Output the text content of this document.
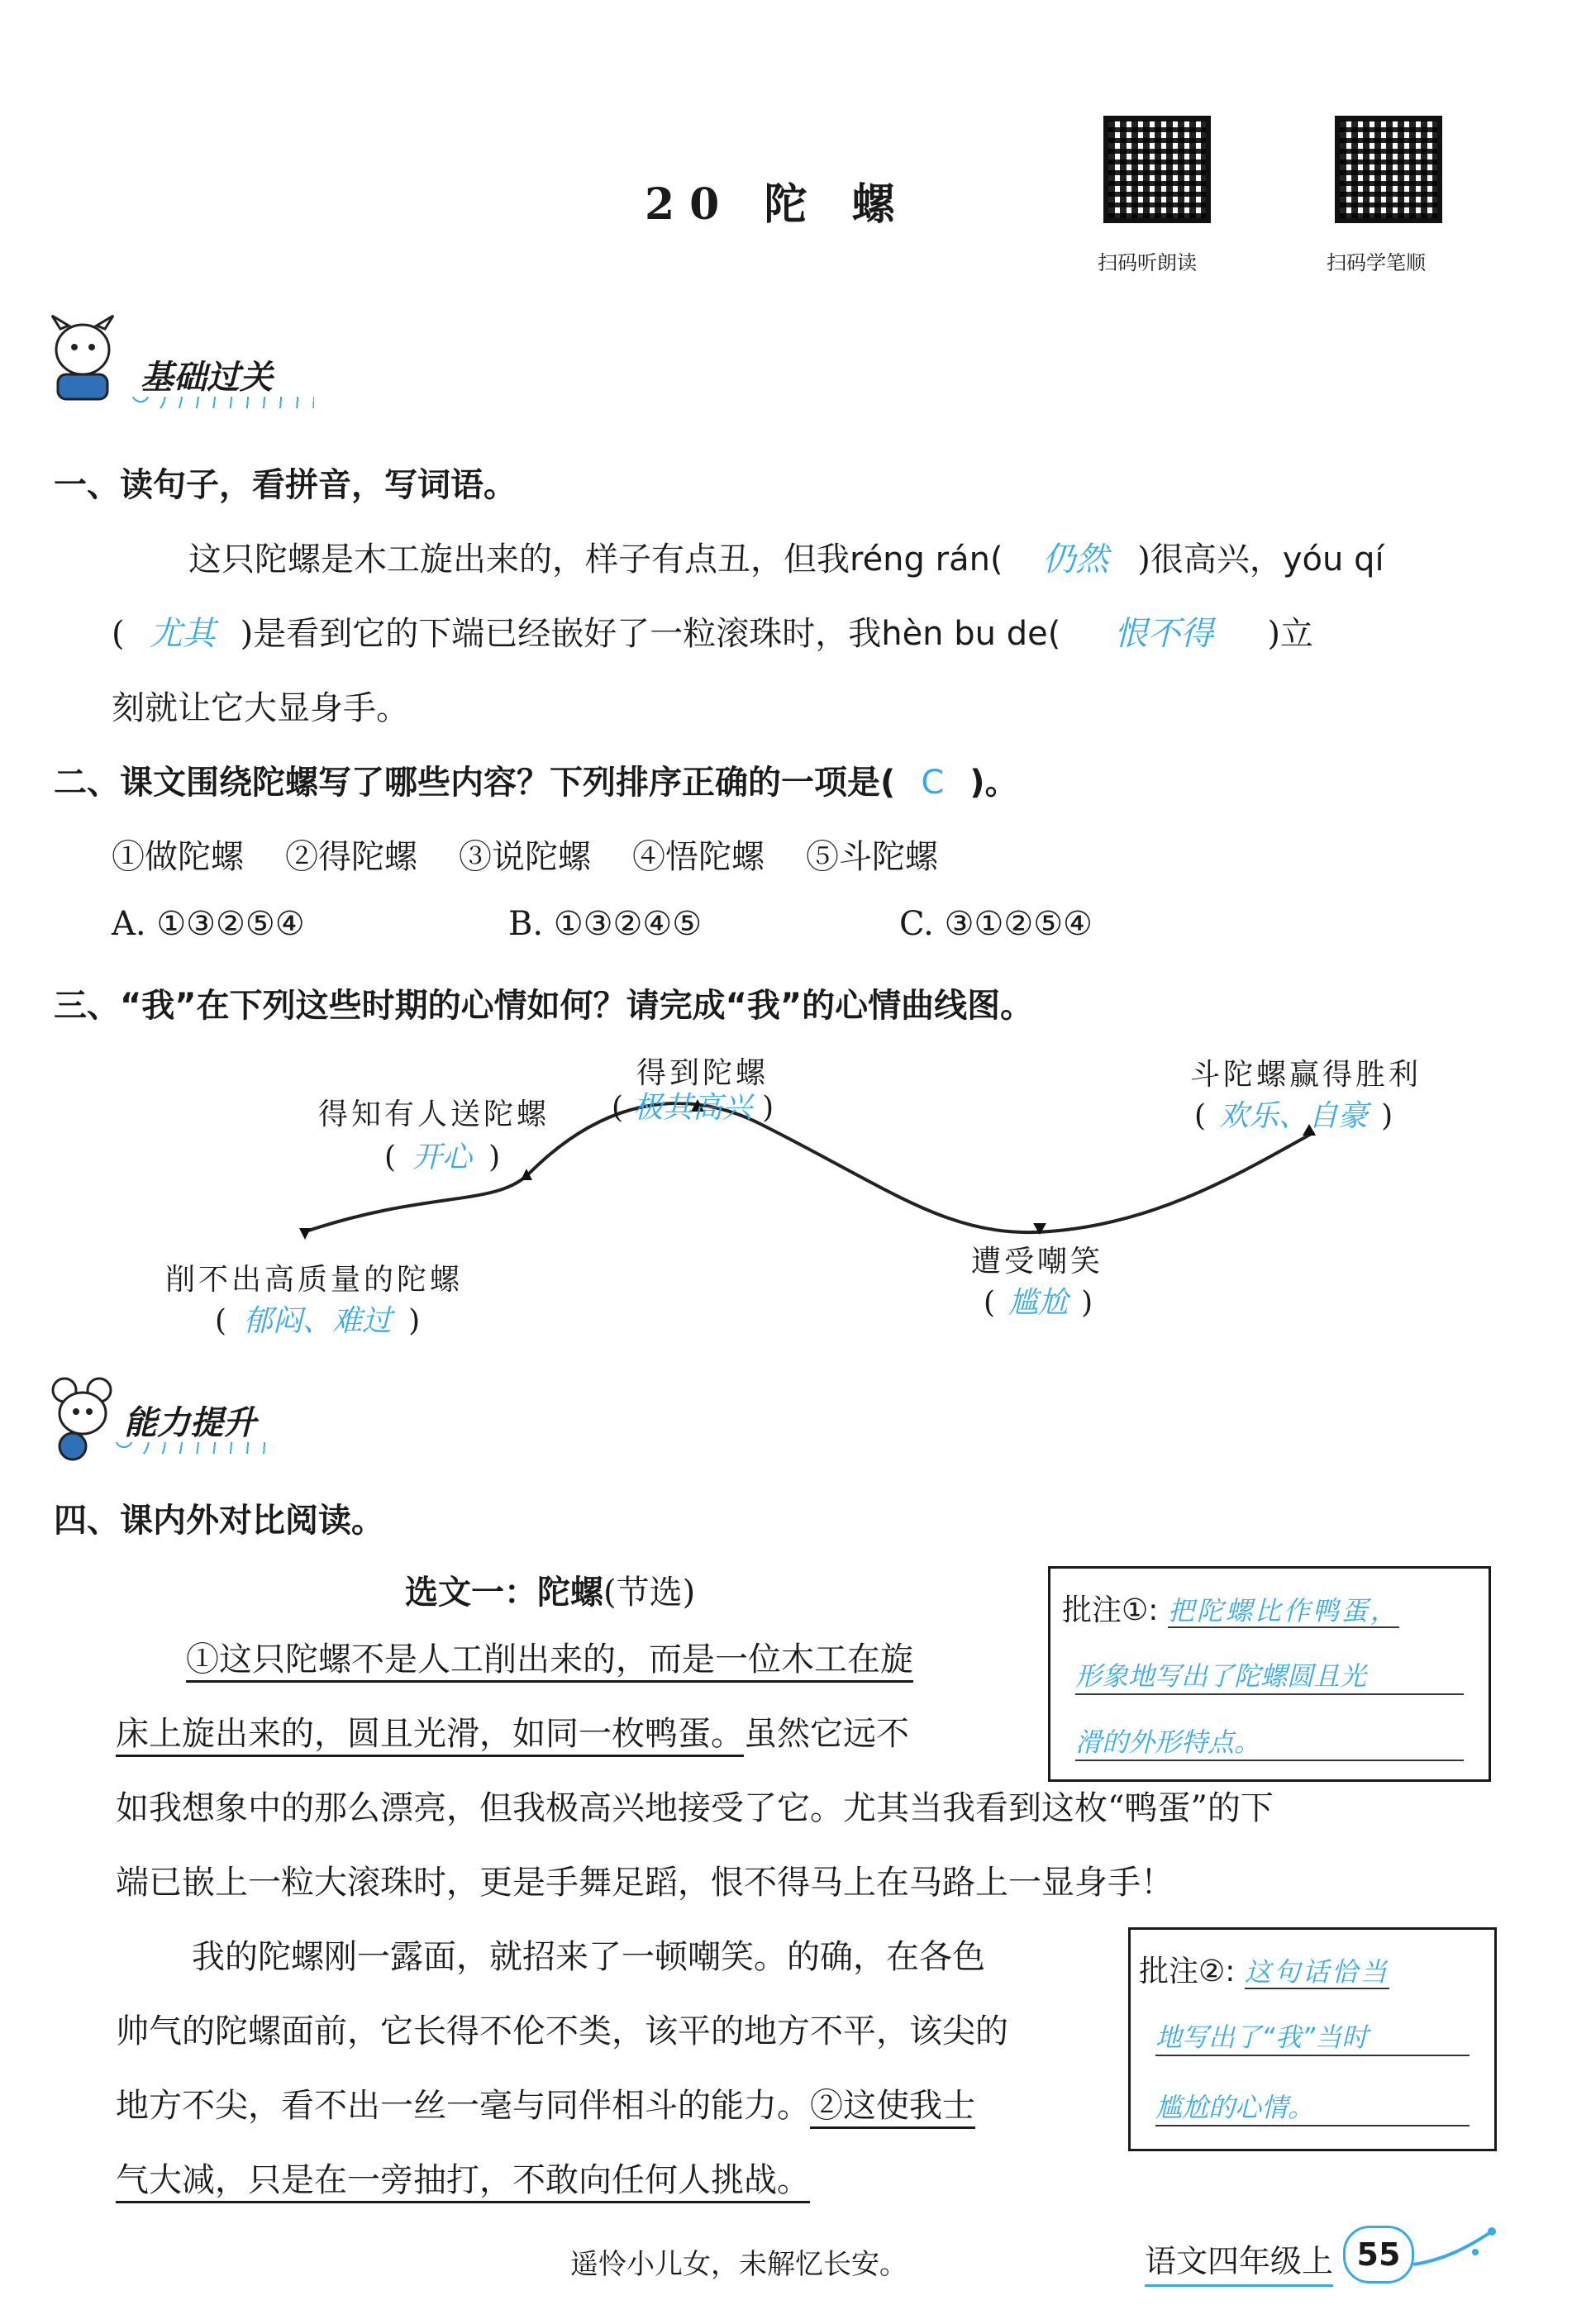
20 陀 螺
扫码听朗读	扫码学笔顺
基础过关
一、读句子，看拼音，写词语。
这只陀螺是木工旋出来的，样子有点丑，但我réng rán( 仍然 )很高兴，yóu qí
( 尤其 )是看到它的下端已经嵌好了一粒滚珠时，我hèn bu de( 恨不得 )立
刻就让它大显身手。
二、课文围绕陀螺写了哪些内容？下列排序正确的一项是( C )。
①做陀螺 ②得陀螺 ③说陀螺 ④悟陀螺 ⑤斗陀螺
A. ①③②⑤④	B. ①③②④⑤	C. ③①②⑤④
三、“我”在下列这些时期的心情如何？请完成“我”的心情曲线图。
削不出高质量的陀螺
( 郁闷、难过 )
得知有人送陀螺
( 开心 )
得到陀螺
( 极其高兴 )
遭受嘲笑
( 尴尬 )
斗陀螺赢得胜利
( 欢乐、自豪 )
能力提升
四、课内外对比阅读。
选文一：陀螺(节选)
①这只陀螺不是人工削出来的，而是一位木工在旋
床上旋出来的，圆且光滑，如同一枚鸭蛋。虽然它远不
如我想象中的那么漂亮，但我极高兴地接受了它。尤其当我看到这枚“鸭蛋”的下
端已嵌上一粒大滚珠时，更是手舞足蹈，恨不得马上在马路上一显身手！
我的陀螺刚一露面，就招来了一顿嘲笑。的确，在各色
帅气的陀螺面前，它长得不伦不类，该平的地方不平，该尖的
地方不尖，看不出一丝一毫与同伴相斗的能力。②这使我士
气大减，只是在一旁抽打，不敢向任何人挑战。
批注①: 把陀螺比作鸭蛋，
形象地写出了陀螺圆且光
滑的外形特点。
批注②: 这句话恰当
地写出了“我”当时
尴尬的心情。
遥怜小儿女，未解忆长安。	语文四年级上 55
